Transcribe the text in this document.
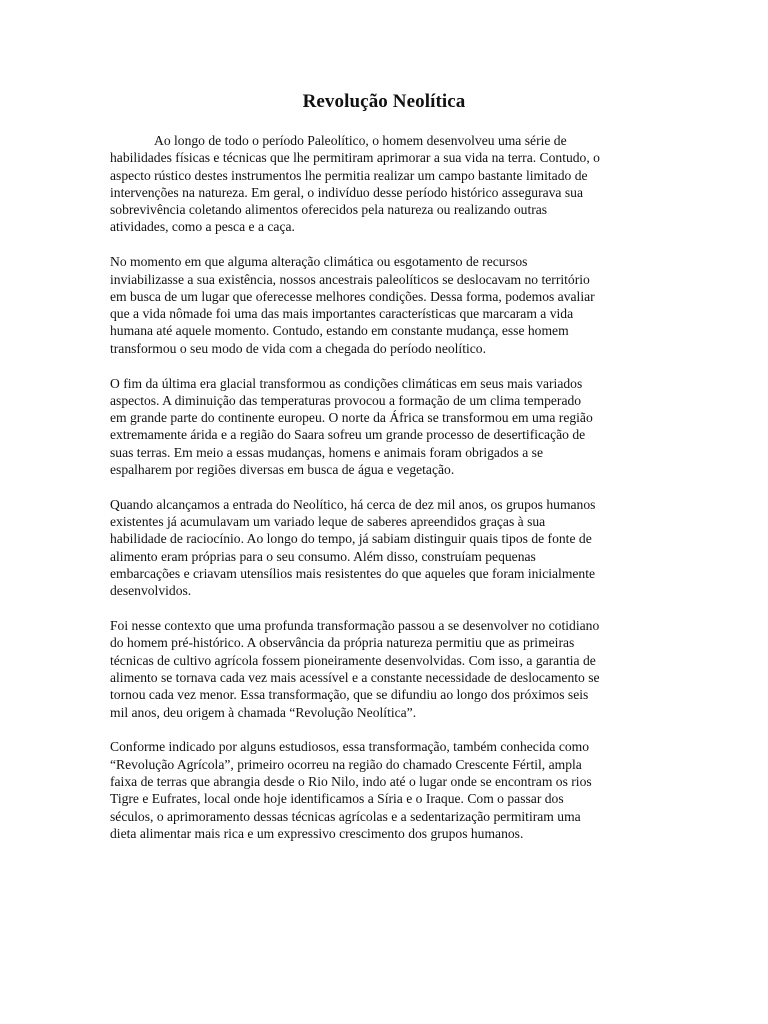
Revolução Neolítica

Ao longo de todo o período Paleolítico, o homem desenvolveu uma série de
habilidades físicas e técnicas que lhe permitiram aprimorar a sua vida na terra. Contudo, o
aspecto rústico destes instrumentos lhe permitia realizar um campo bastante limitado de
intervenções na natureza. Em geral, o indivíduo desse período histórico assegurava sua
sobrevivência coletando alimentos oferecidos pela natureza ou realizando outras
atividades, como a pesca e a caça.

No momento em que alguma alteração climática ou esgotamento de recursos
inviabilizasse a sua existência, nossos ancestrais paleolíticos se deslocavam no território
em busca de um lugar que oferecesse melhores condições. Dessa forma, podemos avaliar
que a vida nômade foi uma das mais importantes características que marcaram a vida
humana até aquele momento. Contudo, estando em constante mudança, esse homem
transformou o seu modo de vida com a chegada do período neolítico.

O fim da última era glacial transformou as condições climáticas em seus mais variados
aspectos. A diminuição das temperaturas provocou a formação de um clima temperado
em grande parte do continente europeu. O norte da África se transformou em uma região
extremamente árida e a região do Saara sofreu um grande processo de desertificação de
suas terras. Em meio a essas mudanças, homens e animais foram obrigados a se
espalharem por regiões diversas em busca de água e vegetação.

Quando alcançamos a entrada do Neolítico, há cerca de dez mil anos, os grupos humanos
existentes já acumulavam um variado leque de saberes apreendidos graças à sua
habilidade de raciocínio. Ao longo do tempo, já sabiam distinguir quais tipos de fonte de
alimento eram próprias para o seu consumo. Além disso, construíam pequenas
embarcações e criavam utensílios mais resistentes do que aqueles que foram inicialmente
desenvolvidos.

Foi nesse contexto que uma profunda transformação passou a se desenvolver no cotidiano
do homem pré-histórico. A observância da própria natureza permitiu que as primeiras
técnicas de cultivo agrícola fossem pioneiramente desenvolvidas. Com isso, a garantia de
alimento se tornava cada vez mais acessível e a constante necessidade de deslocamento se
tornou cada vez menor. Essa transformação, que se difundiu ao longo dos próximos seis
mil anos, deu origem à chamada “Revolução Neolítica”.

Conforme indicado por alguns estudiosos, essa transformação, também conhecida como
“Revolução Agrícola”, primeiro ocorreu na região do chamado Crescente Fértil, ampla
faixa de terras que abrangia desde o Rio Nilo, indo até o lugar onde se encontram os rios
Tigre e Eufrates, local onde hoje identificamos a Síria e o Iraque. Com o passar dos
séculos, o aprimoramento dessas técnicas agrícolas e a sedentarização permitiram uma
dieta alimentar mais rica e um expressivo crescimento dos grupos humanos.
